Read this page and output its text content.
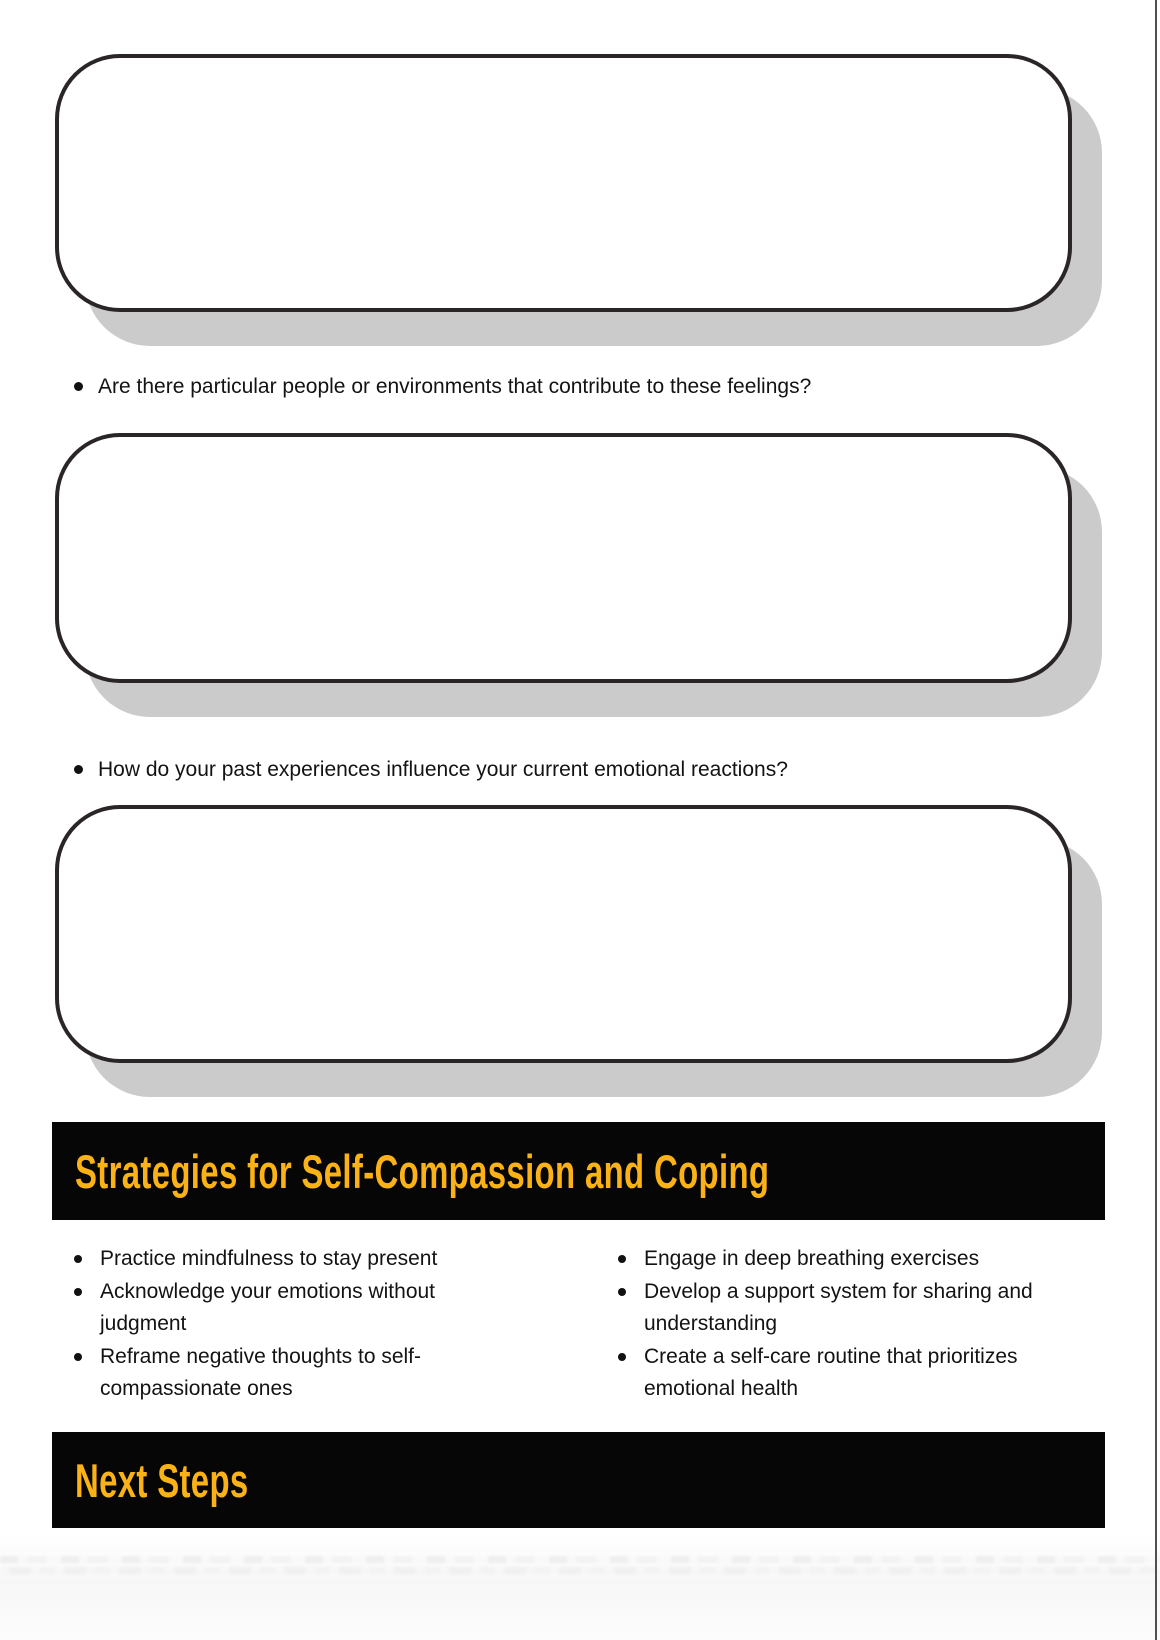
Are there particular people or environments that contribute to these feelings?
How do your past experiences influence your current emotional reactions?
Strategies for Self-Compassion and Coping
Practice mindfulness to stay present
Acknowledge your emotions without judgment
Reframe negative thoughts to self-compassionate ones
Engage in deep breathing exercises
Develop a support system for sharing and understanding
Create a self-care routine that prioritizes emotional health
Next Steps
